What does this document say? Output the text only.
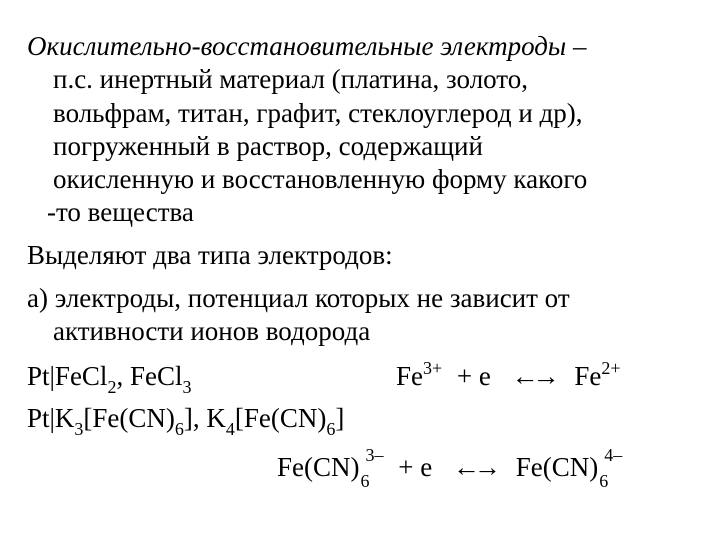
Окислительно-восстановительные электроды –
п.с. инертный материал (платина, золото,
вольфрам, титан, графит, стеклоуглерод и др),
погруженный в раствор, содержащий
окисленную и восстановленную форму какого
-то вещества
Выделяют два типа электродов:
а) электроды, потенциал которых не зависит от
активности ионов водорода
Pt|FeCl$_2$, FeCl$_3$	$Fe^{3+} + e$ ←→ $Fe^{2+}$
$Pt|K_3[Fe(CN)_6]$, $K_4[Fe(CN)_6]$
Fe(CN) 6
3– + e ←→ Fe(CN) 6
4–
